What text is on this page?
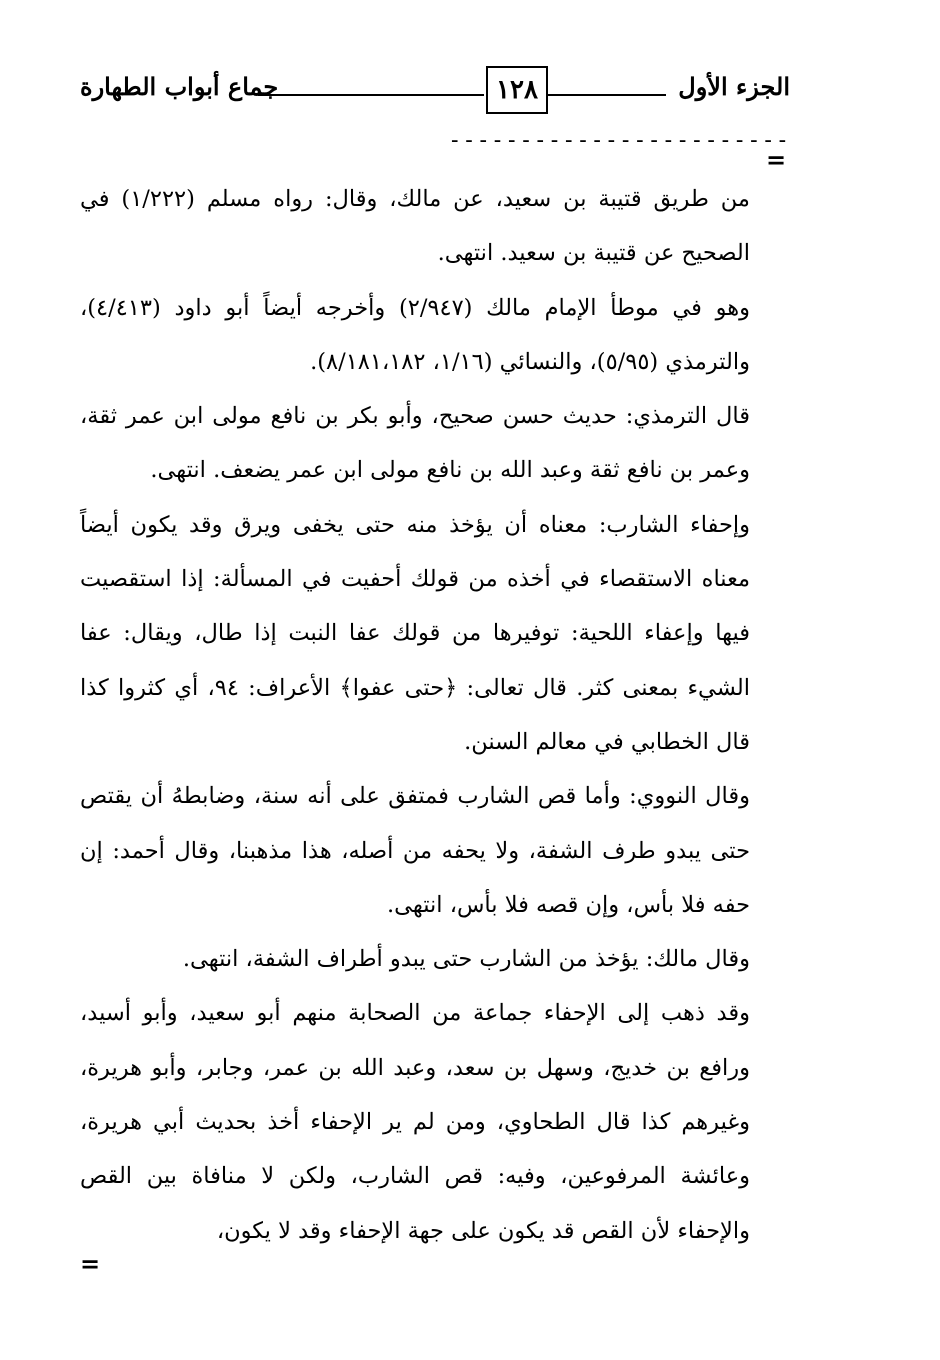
الجزء الأول
١٢٨
جماع أبواب الطهارة
------------------------
=

من طريق قتيبة بن سعيد، عن مالك، وقال: رواه مسلم (١/٢٢٢) في الصحيح عن قتيبة بن سعيد. انتهى.

وهو في موطأ الإمام مالك (٢/٩٤٧) وأخرجه أيضاً أبو داود (٤/٤١٣)، والترمذي (٥/٩٥)، والنسائي (١/١٦، ٨/١٨١،١٨٢).

قال الترمذي: حديث حسن صحيح، وأبو بكر بن نافع مولى ابن عمر ثقة، وعمر بن نافع ثقة وعبد الله بن نافع مولى ابن عمر يضعف. انتهى.

وإحفاء الشارب: معناه أن يؤخذ منه حتى يخفى ويرق وقد يكون أيضاً معناه الاستقصاء في أخذه من قولك أحفيت في المسألة: إذا استقصيت فيها وإعفاء اللحية: توفيرها من قولك عفا النبت إذا طال، ويقال: عفا الشيء بمعنى كثر. قال تعالى: ﴿حتى عفوا﴾ الأعراف: ٩٤، أي كثروا كذا قال الخطابي في معالم السنن.

وقال النووي: وأما قص الشارب فمتفق على أنه سنة، وضابطهُ أن يقتص حتى يبدو طرف الشفة، ولا يحفه من أصله، هذا مذهبنا، وقال أحمد: إن حفه فلا بأس، وإن قصه فلا بأس، انتهى.

وقال مالك: يؤخذ من الشارب حتى يبدو أطراف الشفة، انتهى.

وقد ذهب إلى الإحفاء جماعة من الصحابة منهم أبو سعيد، وأبو أسيد، ورافع بن خديج، وسهل بن سعد، وعبد الله بن عمر، وجابر، وأبو هريرة، وغيرهم كذا قال الطحاوي، ومن لم ير الإحفاء أخذ بحديث أبي هريرة، وعائشة المرفوعين، وفيه: قص الشارب، ولكن لا منافاة بين القص والإحفاء لأن القص قد يكون على جهة الإحفاء وقد لا يكون،

=
